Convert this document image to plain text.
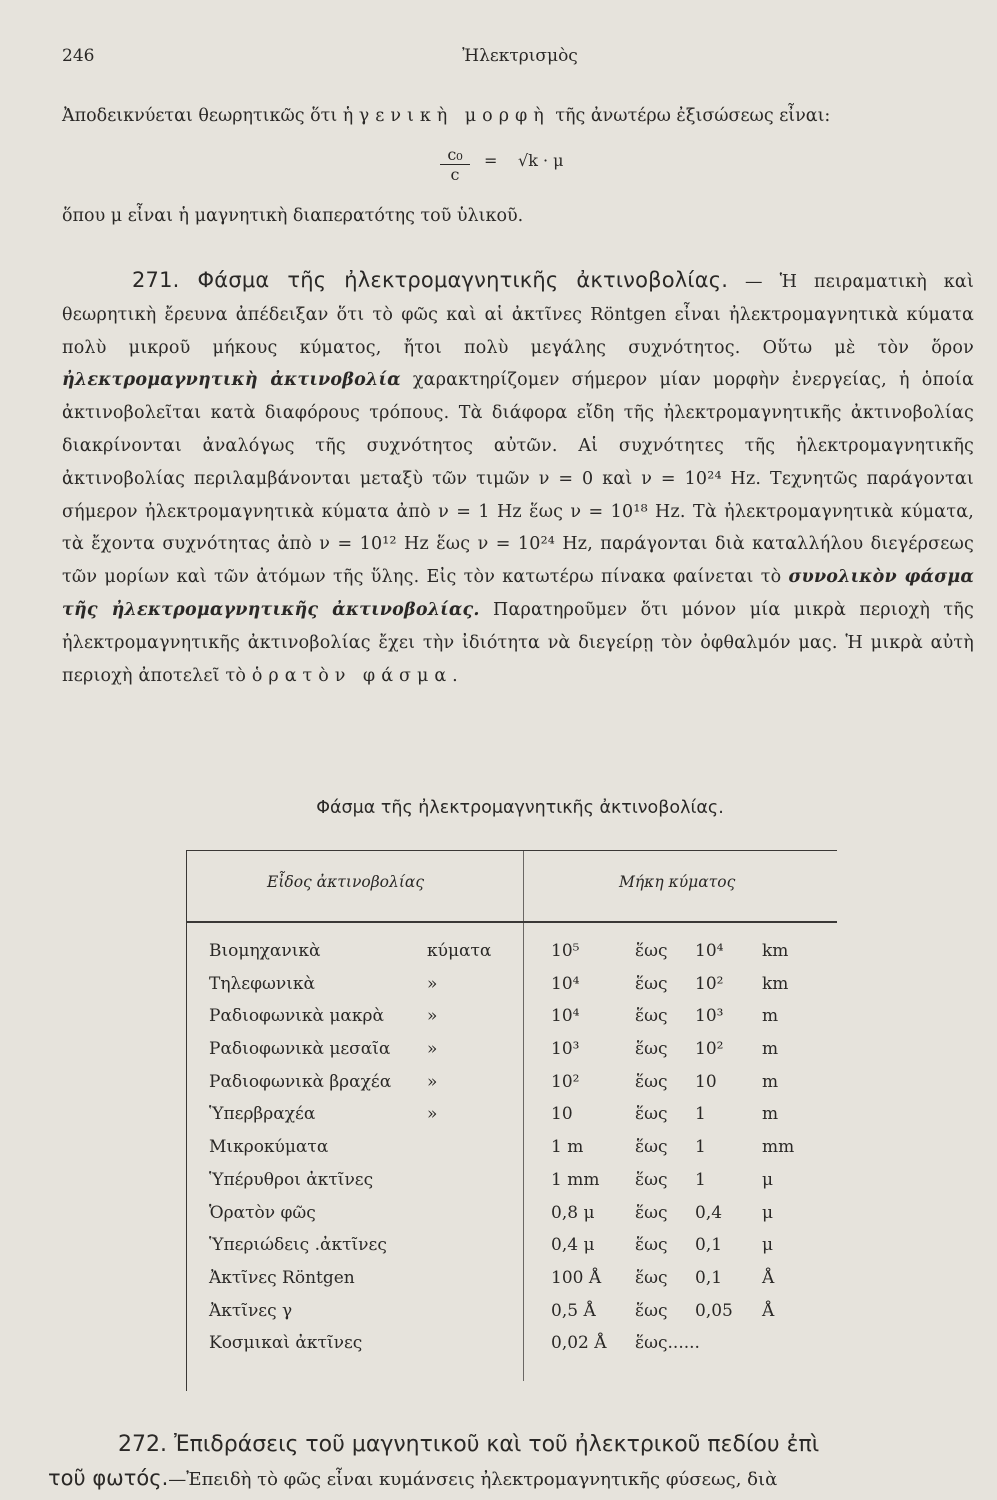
246	Ἠλεκτρισμὸς
Ἀποδεικνύεται θεωρητικῶς ὅτι ἡ γενικὴ μορφὴ τῆς ἀνωτέρω ἐξισώσεως εἶναι:
$\frac{\text{c₀}}{c} = √k \cdot \mu$
ὅπου μ εἶναι ἡ μαγνητικὴ διαπερατότης τοῦ ὑλικοῦ.
271. Φάσμα τῆς ἠλεκτρομαγνητικῆς ἀκτινοβολίας. — Ἡ πειραματικὴ καὶ θεωρητικὴ ἔρευνα ἀπέδειξαν ὅτι τὸ φῶς καὶ αἱ ἀκτῖνες Röntgen εἶναι ἠλεκτρομαγνητικὰ κύματα πολὺ μικροῦ μήκους κύματος, ἤτοι πολὺ μεγάλης συχνότητος. Οὕτω μὲ τὸν ὅρον ἠλεκτρομαγνητικὴ ἀκτινοβολία χαρακτηρίζομεν σήμερον μίαν μορφὴν ἐνεργείας, ἡ ὁποία ἀκτινοβολεῖται κατὰ διαφόρους τρόπους. Τὰ διάφορα εἴδη τῆς ἠλεκτρομαγνητικῆς ἀκτινοβολίας διακρίνονται ἀναλόγως τῆς συχνότητος αὐτῶν. Αἱ συχνότητες τῆς ἠλεκτρομαγνητικῆς ἀκτινοβολίας περιλαμβάνονται μεταξὺ τῶν τιμῶν ν = 0 καὶ ν = 10²⁴ Hz. Τεχνητῶς παράγονται σήμερον ἠλεκτρομαγνητικὰ κύματα ἀπὸ ν = 1 Hz ἕως ν = 10¹⁸ Hz. Τὰ ἠλεκτρομαγνητικὰ κύματα, τὰ ἔχοντα συχνότητας ἀπὸ ν = 10¹² Hz ἕως ν = 10²⁴ Hz, παράγονται διὰ καταλλήλου διεγέρσεως τῶν μορίων καὶ τῶν ἀτόμων τῆς ὕλης. Εἰς τὸν κατωτέρω πίνακα φαίνεται τὸ συνολικὸν φάσμα τῆς ἠλεκτρομαγνητικῆς ἀκτινοβολίας. Παρατηροῦμεν ὅτι μόνον μία μικρὰ περιοχὴ τῆς ἠλεκτρομαγνητικῆς ἀκτινοβολίας ἔχει τὴν ἰδιότητα νὰ διεγείρῃ τὸν ὀφθαλμόν μας. Ἡ μικρὰ αὐτὴ περιοχὴ ἀποτελεῖ τὸ ὁρατὸν φάσμα.
Φάσμα τῆς ἠλεκτρομαγνητικῆς ἀκτινοβολίας.
Εἶδος ἀκτινοβολίας	Μήκη κύματος
Βιομηχανικὰ	κύματα	10⁵	ἕως 10⁴ km
Τηλεφωνικὰ	»	10⁴	ἕως 10² km
Ραδιοφωνικὰ μακρὰ	»	10⁴	ἕως 10³ m
Ραδιοφωνικὰ μεσαῖα »	10³	ἕως 10² m
Ραδιοφωνικὰ βραχέα »	10²	ἕως 10	m
Ὑπερβραχέα	»	10	ἕως 1	m
Μικροκύματα	1 m	ἕως 1	mm
Ὑπέρυθροι ἀκτῖνες	1 mm ἕως 1	μ
Ὁρατὸν φῶς	0,8 μ ἕως 0,4 μ
Ὑπεριώδεις .ἀκτῖνες	0,4 μ ἕως 0,1 μ
Ἀκτῖνες Röntgen	100 Å ἕως 0,1 Å
Ἀκτῖνες γ	0,5 Å ἕως 0,05 Å
Κοσμικαὶ ἀκτῖνες	0,02 Å ἕως......
272. Ἐπιδράσεις τοῦ μαγνητικοῦ καὶ τοῦ ἠλεκτρικοῦ πεδίου ἐπὶ
τοῦ φωτός.—Ἐπειδὴ τὸ φῶς εἶναι κυμάνσεις ἠλεκτρομαγνητικῆς φύσεως, διὰ
